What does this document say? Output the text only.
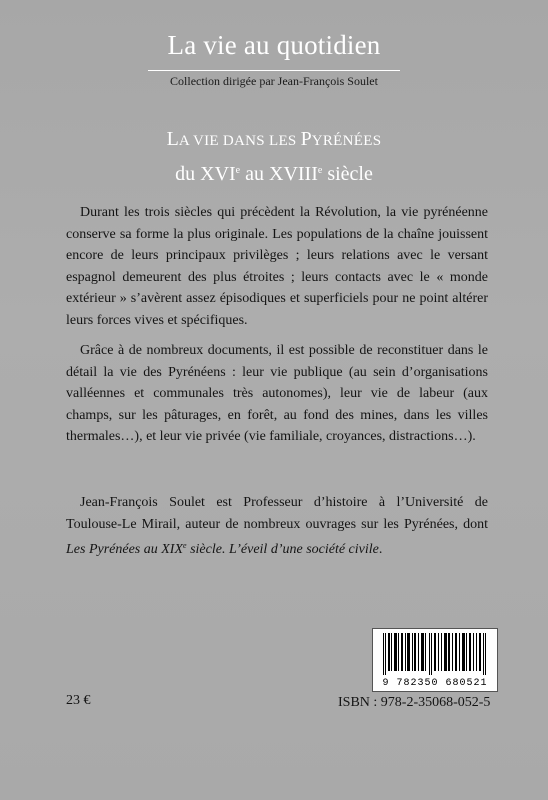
La vie au quotidien
Collection dirigée par Jean-François Soulet
LA VIE DANS LES PYRÉNÉES
du XVIe au XVIIIe siècle

Durant les trois siècles qui précèdent la Révolution, la vie pyrénéenne conserve sa forme la plus originale. Les populations de la chaîne jouissent encore de leurs principaux privilèges ; leurs relations avec le versant espagnol demeurent des plus étroites ; leurs contacts avec le « monde extérieur » s’avèrent assez épisodiques et superficiels pour ne point altérer leurs forces vives et spécifiques.

Grâce à de nombreux documents, il est possible de reconstituer dans le détail la vie des Pyrénéens : leur vie publique (au sein d’organisations valléennes et communales très autonomes), leur vie de labeur (aux champs, sur les pâturages, en forêt, au fond des mines, dans les villes thermales…), et leur vie privée (vie familiale, croyances, distractions…).

Jean-François Soulet est Professeur d’histoire à l’Université de Toulouse-Le Mirail, auteur de nombreux ouvrages sur les Pyrénées, dont Les Pyrénées au XIXe siècle. L’éveil d’une société civile.

9 782350 680521
23 €	ISBN : 978-2-35068-052-5
